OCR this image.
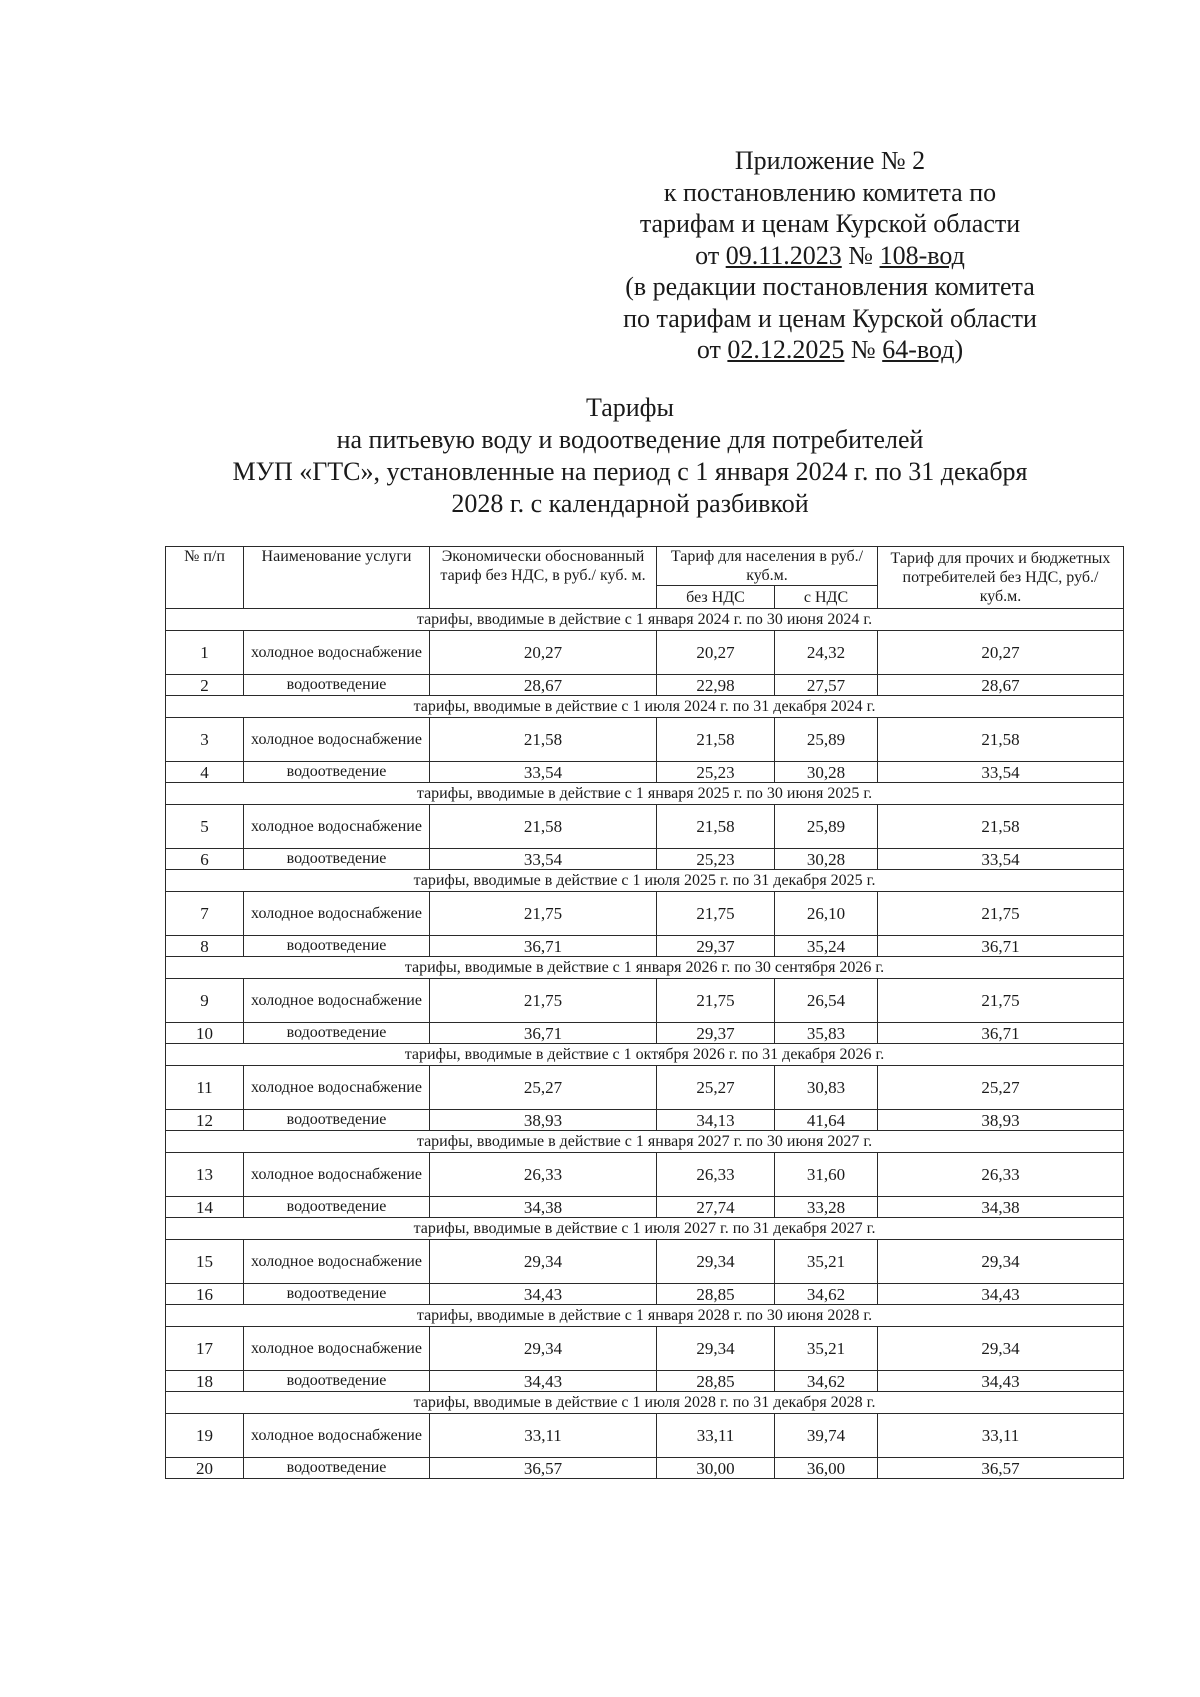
Приложение № 2
к постановлению комитета по
тарифам и ценам Курской области
от 09.11.2023 № 108-вод
(в редакции постановления комитета
по тарифам и ценам Курской области
от 02.12.2025 № 64-вод)
Тарифы
на питьевую воду и водоотведение для потребителей
МУП «ГТС», установленные на период с 1 января 2024 г. по 31 декабря
2028 г. с календарной разбивкой
№ п/п	Наименование услуги	Экономически обоснованный тариф без НДС, в руб./ куб. м.	Тариф для населения в руб./ куб.м.		Тариф для прочих и бюджетных потребителей без НДС, руб./ куб.м.
			без НДС	с НДС	
тарифы, вводимые в действие с 1 января 2024 г. по 30 июня 2024 г.					
1	холодное водоснабжение	20,27	20,27	24,32	20,27
2	водоотведение	28,67	22,98	27,57	28,67
тарифы, вводимые в действие с 1 июля 2024 г. по 31 декабря 2024 г.					
3	холодное водоснабжение	21,58	21,58	25,89	21,58
4	водоотведение	33,54	25,23	30,28	33,54
тарифы, вводимые в действие с 1 января 2025 г. по 30 июня 2025 г.					
5	холодное водоснабжение	21,58	21,58	25,89	21,58
6	водоотведение	33,54	25,23	30,28	33,54
тарифы, вводимые в действие с 1 июля 2025 г. по 31 декабря 2025 г.					
7	холодное водоснабжение	21,75	21,75	26,10	21,75
8	водоотведение	36,71	29,37	35,24	36,71
тарифы, вводимые в действие с 1 января 2026 г. по 30 сентября 2026 г.					
9	холодное водоснабжение	21,75	21,75	26,54	21,75
10	водоотведение	36,71	29,37	35,83	36,71
тарифы, вводимые в действие с 1 октября 2026 г. по 31 декабря 2026 г.					
11	холодное водоснабжение	25,27	25,27	30,83	25,27
12	водоотведение	38,93	34,13	41,64	38,93
тарифы, вводимые в действие с 1 января 2027 г. по 30 июня 2027 г.					
13	холодное водоснабжение	26,33	26,33	31,60	26,33
14	водоотведение	34,38	27,74	33,28	34,38
тарифы, вводимые в действие с 1 июля 2027 г. по 31 декабря 2027 г.					
15	холодное водоснабжение	29,34	29,34	35,21	29,34
16	водоотведение	34,43	28,85	34,62	34,43
тарифы, вводимые в действие с 1 января 2028 г. по 30 июня 2028 г.					
17	холодное водоснабжение	29,34	29,34	35,21	29,34
18	водоотведение	34,43	28,85	34,62	34,43
тарифы, вводимые в действие с 1 июля 2028 г. по 31 декабря 2028 г.					
19	холодное водоснабжение	33,11	33,11	39,74	33,11
20	водоотведение	36,57	30,00	36,00	36,57
